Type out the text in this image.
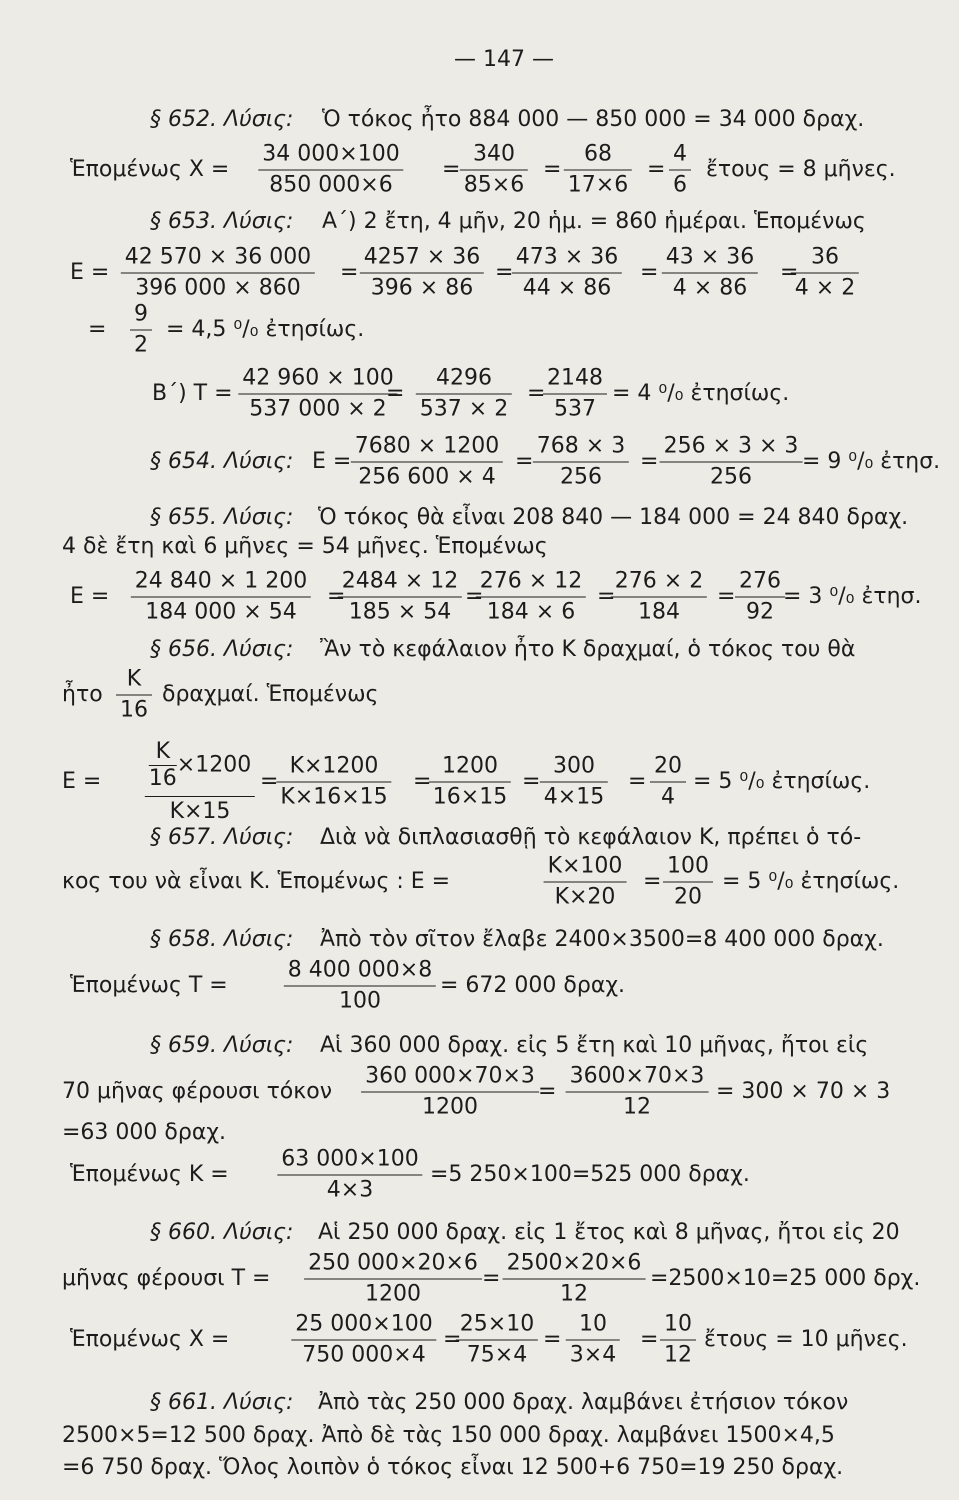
— 147 —
§ 652. Λύσις: Ὁ τόκος ἦτο 884 000 — 850 000 = 34 000 δραχ.
Ἑπομένως $X = \frac{34 000\times 100}{850 000\times 6} = \frac{340}{85\times 6} = \frac{68}{17\times 6} = \frac{4}{6}$ ἔτους = 8 μῆνες.
§ 653. Λύσις: Α΄) 2 ἔτη, 4 μῆν, 20 ἡμ. = 860 ἡμέραι. Ἑπομένως
$E = \frac{42 570 \times 36 000}{396 000 \times 860} = \frac{4257 \times 36}{396 \times 86}$ =
$\frac{473 \times 36}{44 \times 86} = \frac{43 \times 36}{4 \times 86}$ =
$\frac{36}{4 \times 2}$
= $\frac{9}{2} = 4,5$ ⁰/₀ ἐτησίως.
B΄) $T = \frac{42 960 \times 100}{537 000 \times 2}$
= $\frac{4296}{537 \times 2}$ =
$\frac{2148}{537} = 4$ ⁰/₀ ἐτησίως.
§ 654. Λύσις: $E = \frac{7680 \times 1200}{256 600 \times 4} = \frac{768 \times 3}{256} = \frac{256 \times 3 \times 3}{256} = 9$ ⁰/₀ ἐτησ.
§ 655. Λύσις: Ὁ τόκος θὰ εἶναι 208 840 — 184 000 = 24 840 δραχ.
4 δὲ ἔτη καὶ 6 μῆνες = 54 μῆνες. Ἑπομένως
$E = \frac{24 840 \times 1 200}{184 000 \times 54}$ =
$\frac{2484 \times 12}{185 \times 54}$ =
$\frac{276 \times 12}{184 \times 6}$ =
$\frac{276 \times 2}{184} = \frac{276}{92}$
= 3 ⁰/₀ ἐτησ.
§ 656. Λύσις: Ἂν τὸ κεφάλαιον ἦτο K δραχμαί, ὁ τόκος του θὰ
ἦτο $\frac{K}{16} \delta\rho\alpha\chi\mu\alpha ί$. Ἑπομένως
$E = \frac{\frac{K}{16} \times 1200}{K\times 15}$ =
$\frac{K\times 1200}{K\times 16\times 15}$ =
$\frac{1200}{16\times 15} = \frac{300}{4\times 15} = \frac{20}{4} = 5$ ⁰/₀ ἐτησίως.
§ 657. Λύσις: Διὰ νὰ διπλασιασθῇ τὸ κεφάλαιον K, πρέπει ὁ τό-
κος του νὰ εἶναι K. Ἑπομένως : E =	$\frac{K\times 100}{K\times 20} = \frac{100}{20} = 5$ ⁰/₀ ἐτησίως.
§ 658. Λύσις: Ἀπὸ τὸν σῖτον ἔλαβε 2400×3500=8 400 000 δραχ.
Ἑπομένως T =	$\frac{8 400 000\times 8}{100} = 672$ 000 δραχ.
§ 659. Λύσις: Αἱ 360 000 δραχ. εἰς 5 ἔτη καὶ 10 μῆνας, ἤτοι εἰς
70 μῆνας φέρουσι τόκον $\frac{360 000\times 70\times 3}{1200} = \frac{3600\times 70\times 3}{12} = 300 \times 70 \times 3$
=63 000 δραχ.
Ἑπομένως $K = \frac{63 000\times 100}{4\times 3} =5$ 250×100=525 000 δραχ.
§ 660. Λύσις: Αἱ 250 000 δραχ. εἰς 1 ἔτος καὶ 8 μῆνας, ἤτοι εἰς 20
μῆνας φέρουσι $T = \frac{250 000\times 20\times 6}{1200} = \frac{2500\times 20\times 6}{12} =2500\times 10=25$ 000 δρχ.
Ἑπομένως X =	$\frac{25 000\times 100}{750 000\times 4}$ =
$\frac{25\times 10}{75\times 4} = \frac{10}{3\times 4} = \frac{10}{12}$ ἔτους = 10 μῆνες.
§ 661. Λύσις: Ἀπὸ τὰς 250 000 δραχ. λαμβάνει ἐτήσιον τόκον
2500×5=12 500 δραχ. Ἀπὸ δὲ τὰς 150 000 δραχ. λαμβάνει 1500×4,5
=6 750 δραχ. Ὅλος λοιπὸν ὁ τόκος εἶναι 12 500+6 750=19 250 δραχ.
